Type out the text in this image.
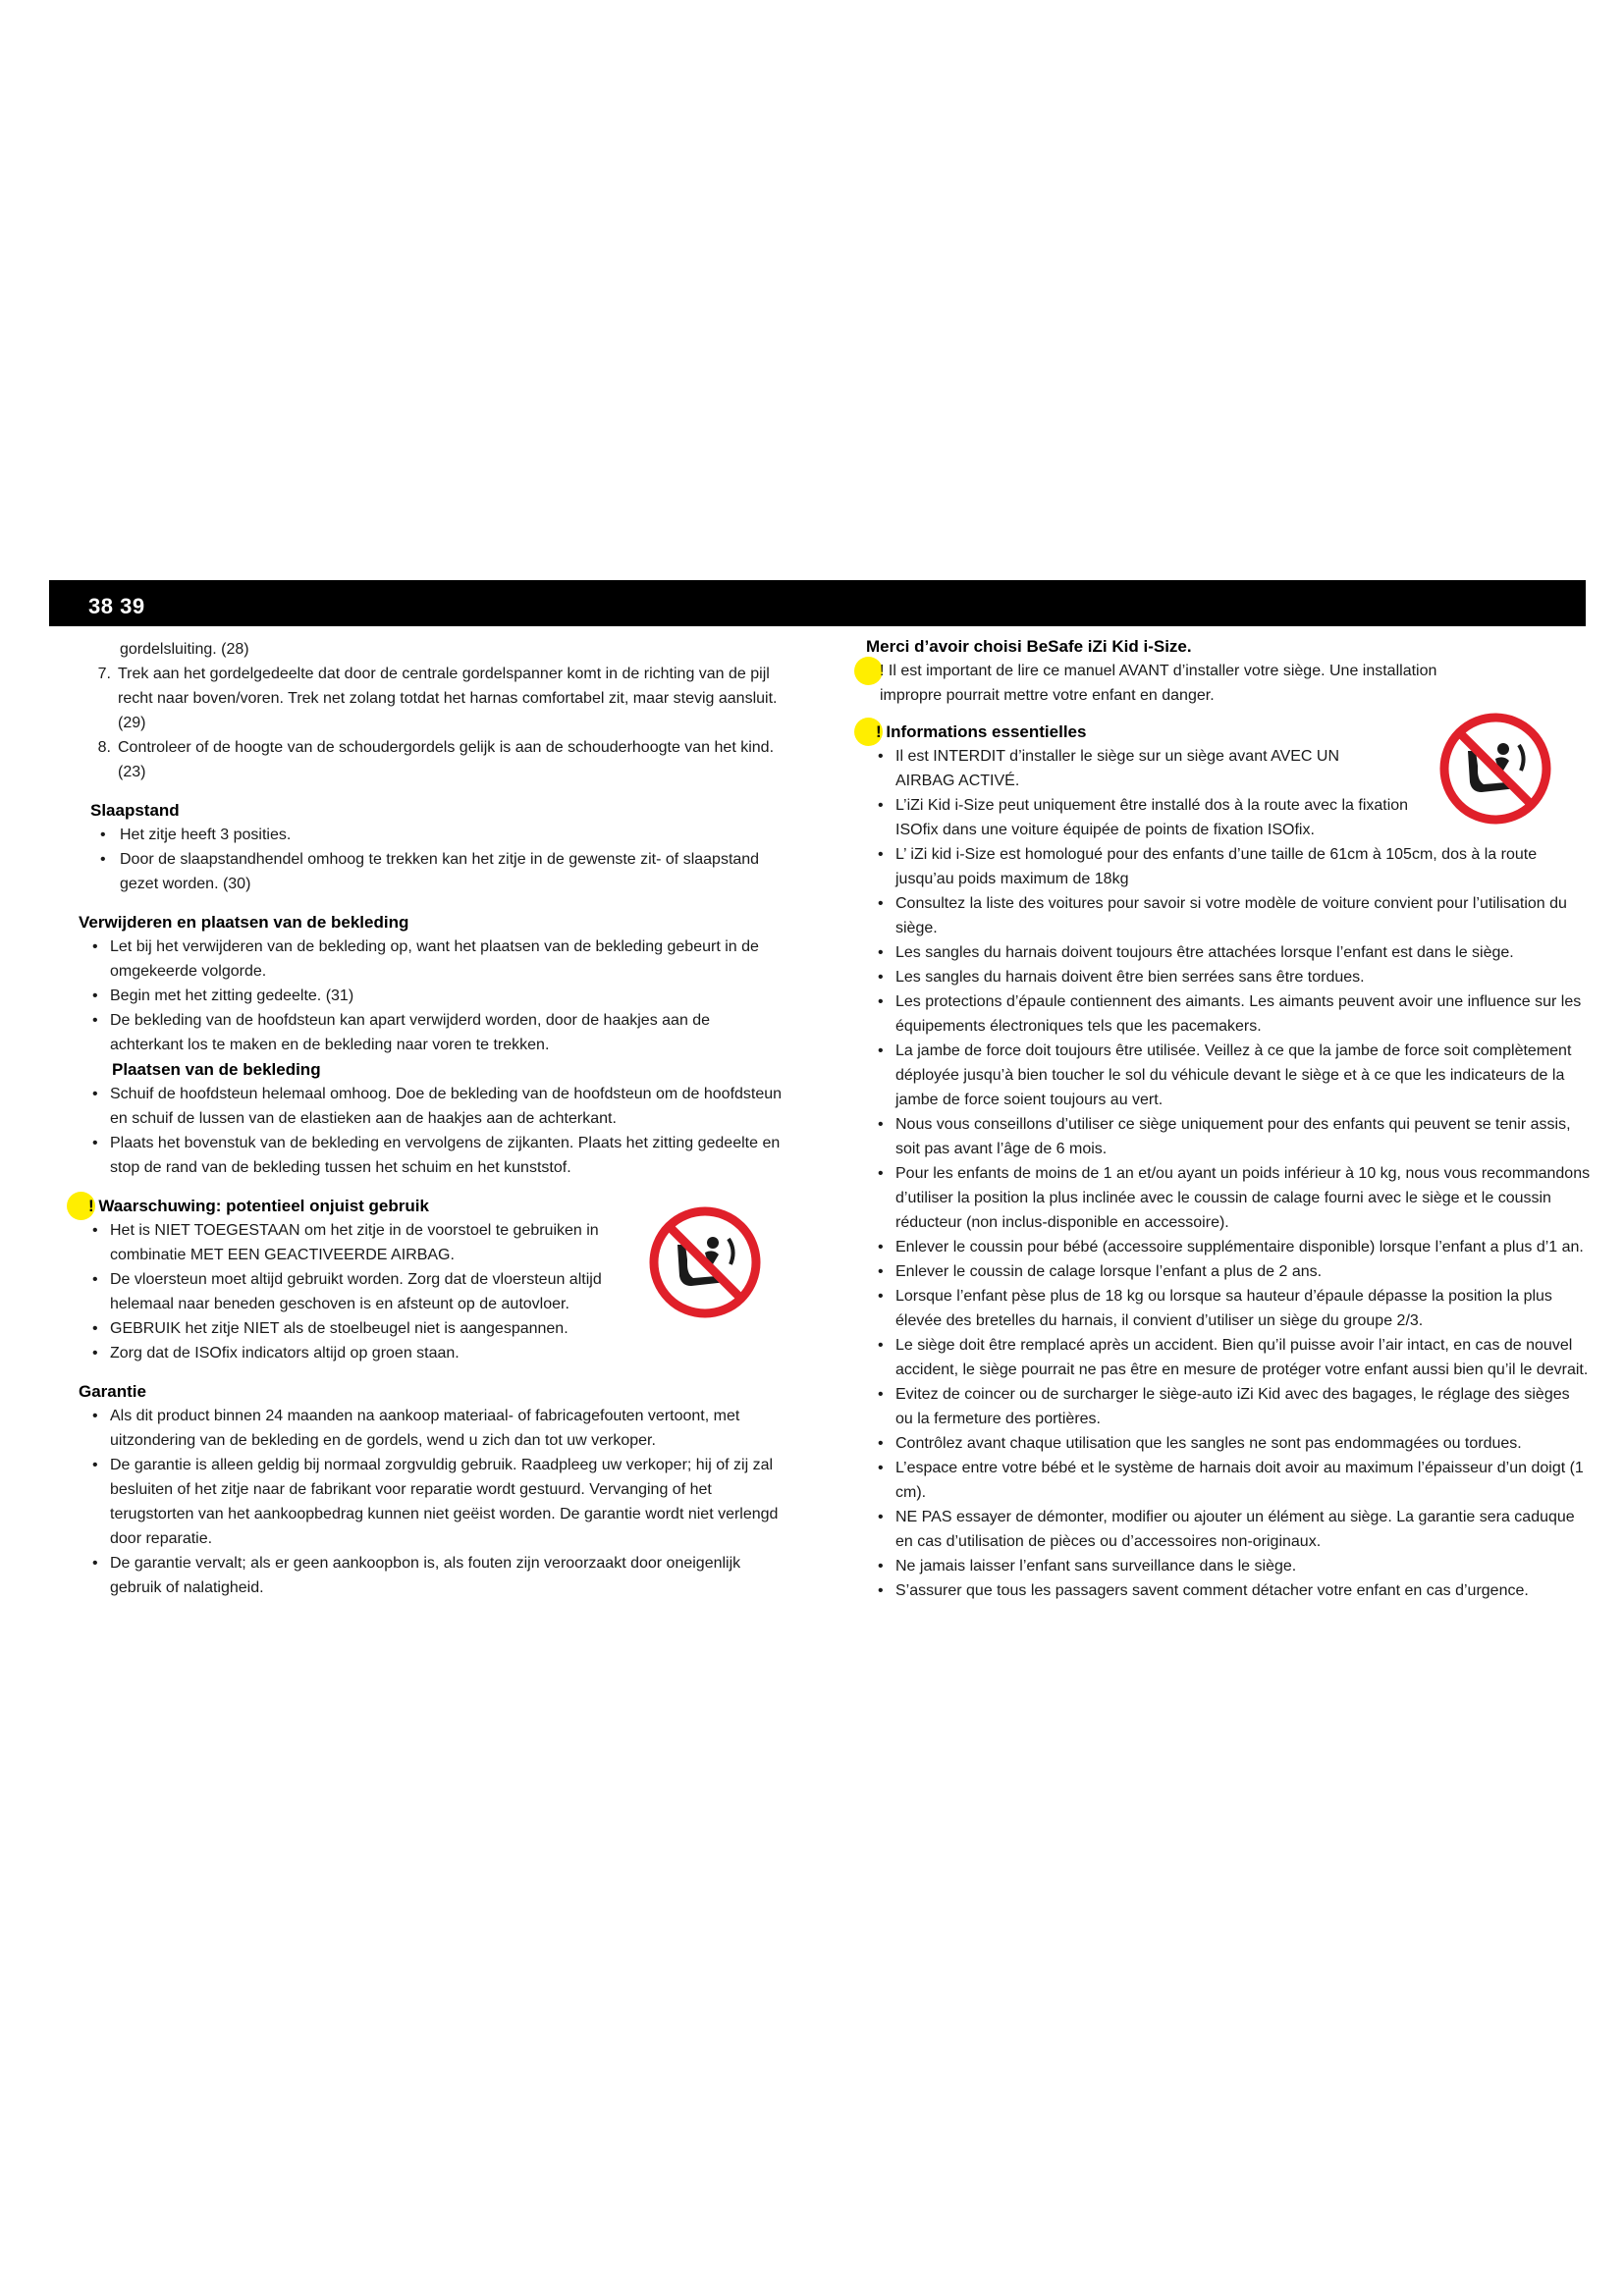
38 39
gordelsluiting. (28)
7. Trek aan het gordelgedeelte dat door de centrale gordelspanner komt in de richting van de pijl recht naar boven/voren. Trek net zolang totdat het harnas comfortabel zit, maar stevig aansluit. (29)
8. Controleer of de hoogte van de schoudergordels gelijk is aan de schouderhoogte van het kind. (23)
Slaapstand
• Het zitje heeft 3 posities.
• Door de slaapstandhendel omhoog te trekken kan het zitje in de gewenste zit- of slaapstand gezet worden. (30)
Verwijderen en plaatsen van de bekleding
• Let bij het verwijderen van de bekleding op, want het plaatsen van de bekleding gebeurt in de omgekeerde volgorde.
• Begin met het zitting gedeelte. (31)
• De bekleding van de hoofdsteun kan apart verwijderd worden, door de haakjes aan de achterkant los te maken en de bekleding naar voren te trekken.
Plaatsen van de bekleding
• Schuif de hoofdsteun helemaal omhoog. Doe de bekleding van de hoofdsteun om de hoofdsteun en schuif de lussen van de elastieken aan de haakjes aan de achterkant.
• Plaats het bovenstuk van de bekleding en vervolgens de zijkanten. Plaats het zitting gedeelte en stop de rand van de bekleding tussen het schuim en het kunststof.
! Waarschuwing: potentieel onjuist gebruik
• Het is NIET TOEGESTAAN om het zitje in de voorstoel te gebruiken in combinatie MET EEN GEACTIVEERDE AIRBAG.
• De vloersteun moet altijd gebruikt worden. Zorg dat de vloersteun altijd helemaal naar beneden geschoven is en afsteunt op de autovloer.
• GEBRUIK het zitje NIET als de stoelbeugel niet is aangespannen.
• Zorg dat de ISOfix indicators altijd op groen staan.
Garantie
• Als dit product binnen 24 maanden na aankoop materiaal- of fabricagefouten vertoont, met uitzondering van de bekleding en de gordels, wend u zich dan tot uw verkoper.
• De garantie is alleen geldig bij normaal zorgvuldig gebruik. Raadpleeg uw verkoper; hij of zij zal besluiten of het zitje naar de fabrikant voor reparatie wordt gestuurd. Vervanging of het terugstorten van het aankoopbedrag kunnen niet geëist worden. De garantie wordt niet verlengd door reparatie.
• De garantie vervalt; als er geen aankoopbon is, als fouten zijn veroorzaakt door oneigenlijk gebruik of nalatigheid.
Merci d’avoir choisi BeSafe iZi Kid i-Size.
! Il est important de lire ce manuel AVANT d’installer votre siège. Une installation impropre pourrait mettre votre enfant en danger.
! Informations essentielles
• Il est INTERDIT d’installer le siège sur un siège avant AVEC UN AIRBAG ACTIVÉ.
• L’iZi Kid i-Size peut uniquement être installé dos à la route avec la fixation ISOfix dans une voiture équipée de points de fixation ISOfix.
• L’ iZi kid i-Size est homologué pour des enfants d’une taille de 61cm à 105cm, dos à la route jusqu’au poids maximum de 18kg
• Consultez la liste des voitures pour savoir si votre modèle de voiture convient pour l’utilisation du siège.
• Les sangles du harnais doivent toujours être attachées lorsque l’enfant est dans le siège.
• Les sangles du harnais doivent être bien serrées sans être tordues.
• Les protections d’épaule contiennent des aimants. Les aimants peuvent avoir une influence sur les équipements électroniques tels que les pacemakers.
• La jambe de force doit toujours être utilisée. Veillez à ce que la jambe de force soit complètement déployée jusqu’à bien toucher le sol du véhicule devant le siège et à ce que les indicateurs de la jambe de force soient toujours au vert.
• Nous vous conseillons d’utiliser ce siège uniquement pour des enfants qui peuvent se tenir assis, soit pas avant l’âge de 6 mois.
• Pour les enfants de moins de 1 an et/ou ayant un poids inférieur à 10 kg, nous vous recommandons d’utiliser la position la plus inclinée avec le coussin de calage fourni avec le siège et le coussin réducteur (non inclus-disponible en accessoire).
• Enlever le coussin pour bébé (accessoire supplémentaire disponible) lorsque l’enfant a plus d’1 an.
• Enlever le coussin de calage lorsque l’enfant a plus de 2 ans.
• Lorsque l’enfant pèse plus de 18 kg ou lorsque sa hauteur d’épaule dépasse la position la plus élevée des bretelles du harnais, il convient d’utiliser un siège du groupe 2/3.
• Le siège doit être remplacé après un accident. Bien qu’il puisse avoir l’air intact, en cas de nouvel accident, le siège pourrait ne pas être en mesure de protéger votre enfant aussi bien qu’il le devrait.
• Evitez de coincer ou de surcharger le siège-auto iZi Kid avec des bagages, le réglage des sièges ou la fermeture des portières.
• Contrôlez avant chaque utilisation que les sangles ne sont pas endommagées ou tordues.
• L’espace entre votre bébé et le système de harnais doit avoir au maximum l’épaisseur d’un doigt (1 cm).
• NE PAS essayer de démonter, modifier ou ajouter un élément au siège. La garantie sera caduque en cas d’utilisation de pièces ou d’accessoires non-originaux.
• Ne jamais laisser l’enfant sans surveillance dans le siège.
• S’assurer que tous les passagers savent comment détacher votre enfant en cas d’urgence.
